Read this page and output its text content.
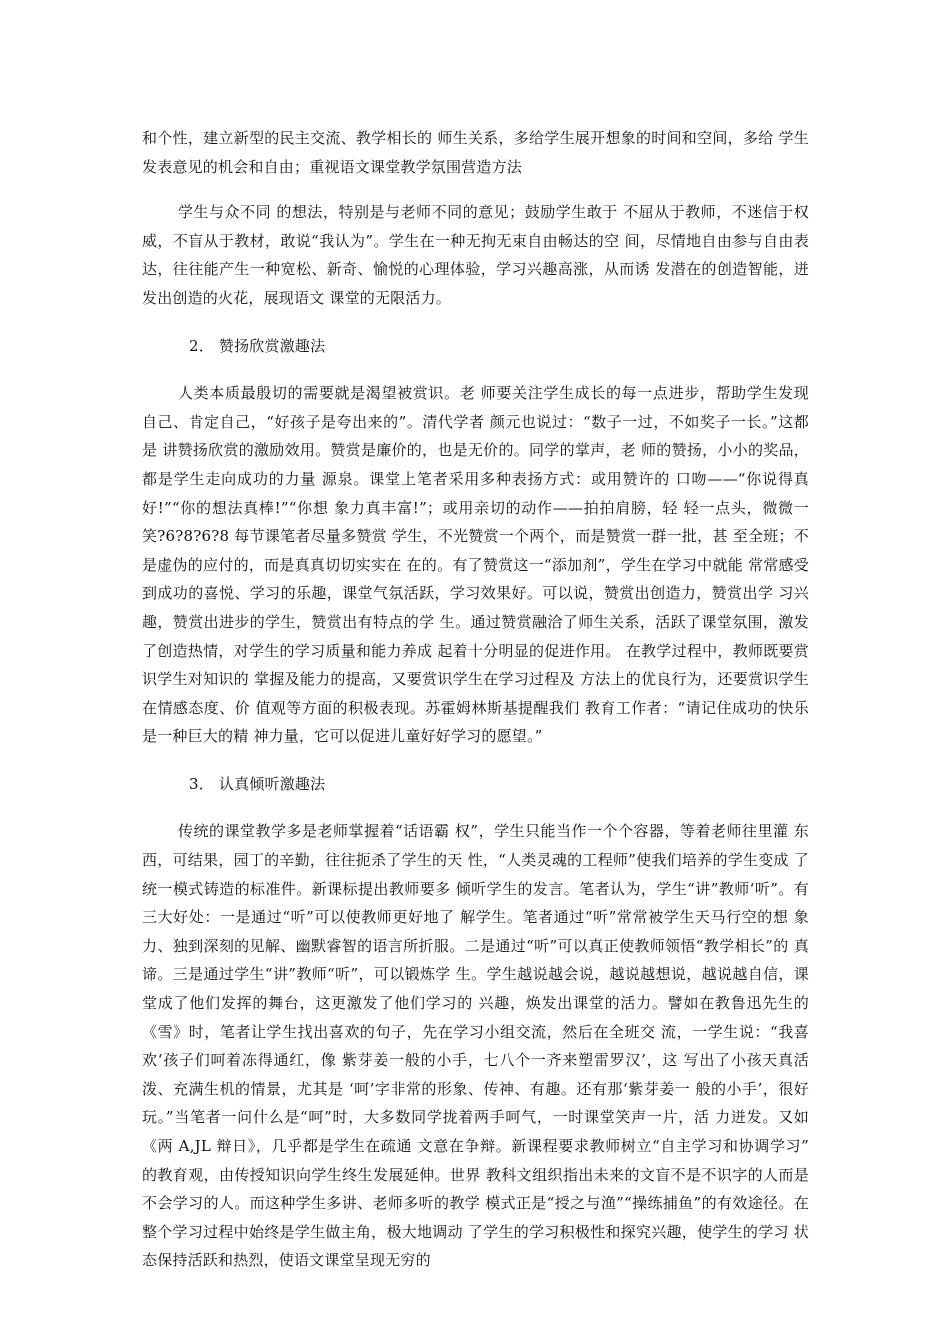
和个性，建立新型的民主交流、教学相长的 师生关系，多给学生展开想象的时间和空间，多给 学生发表意见的机会和自由；重视语文课堂教学氛围营造方法

学生与众不同 的想法，特别是与老师不同的意见；鼓励学生敢于 不屈从于教师，不迷信于权威，不盲从于教材，敢说“我认为”。学生在一种无拘无束自由畅达的空 间，尽情地自由参与自由表达，往往能产生一种宽松、新奇、愉悦的心理体验，学习兴趣高涨，从而诱 发潜在的创造智能，迸发出创造的火花，展现语文 课堂的无限活力。

2． 赞扬欣赏激趣法

人类本质最殷切的需要就是渴望被赏识。老 师要关注学生成长的每一点进步，帮助学生发现 自己、肯定自己，“好孩子是夸出来的”。清代学者 颜元也说过：“数子一过，不如奖子一长。”这都是 讲赞扬欣赏的激励效用。赞赏是廉价的，也是无价的。同学的掌声，老 师的赞扬，小小的奖品，都是学生走向成功的力量 源泉。课堂上笔者采用多种表扬方式：或用赞许的 口吻——“你说得真好!”“你的想法真棒!”“你想 象力真丰富!”；或用亲切的动作——拍拍肩膀，轻 轻一点头，微微一笑?6?8?6?8 每节课笔者尽量多赞赏 学生，不光赞赏一个两个，而是赞赏一群一批，甚 至全班；不是虚伪的应付的，而是真真切切实实在 在的。有了赞赏这一“添加剂”，学生在学习中就能 常常感受到成功的喜悦、学习的乐趣，课堂气氛活跃，学习效果好。可以说，赞赏出创造力，赞赏出学 习兴趣，赞赏出进步的学生，赞赏出有特点的学 生。通过赞赏融洽了师生关系，活跃了课堂氛围，激发了创造热情，对学生的学习质量和能力养成 起着十分明显的促进作用。 在教学过程中，教师既要赏识学生对知识的 掌握及能力的提高，又要赏识学生在学习过程及 方法上的优良行为，还要赏识学生在情感态度、价 值观等方面的积极表现。苏霍姆林斯基提醒我们 教育工作者：“请记住成功的快乐是一种巨大的精 神力量，它可以促进儿童好好学习的愿望。”

3． 认真倾听激趣法

传统的课堂教学多是老师掌握着“话语霸 权”，学生只能当作一个个容器，等着老师往里灌 东西，可结果，园丁的辛勤，往往扼杀了学生的天 性，“人类灵魂的工程师”使我们培养的学生变成 了统一模式铸造的标准件。新课标提出教师要多 倾听学生的发言。笔者认为，学生“讲”教师‘听”。有三大好处：一是通过“听”可以使教师更好地了 解学生。笔者通过“听”常常被学生天马行空的想 象力、独到深刻的见解、幽默睿智的语言所折服。二是通过“听”可以真正使教师领悟“教学相长”的 真谛。三是通过学生“讲”教师“听”，可以锻炼学 生。学生越说越会说，越说越想说，越说越自信，课 堂成了他们发挥的舞台，这更激发了他们学习的 兴趣，焕发出课堂的活力。譬如在教鲁迅先生的《雪》时，笔者让学生找出喜欢的句子，先在学习小组交流，然后在全班交 流，一学生说：“我喜欢‘孩子们呵着冻得通红，像 紫芽姜一般的小手，七八个一齐来塑雷罗汉’，这 写出了小孩天真活泼、充满生机的情景，尤其是 ‘呵’字非常的形象、传神、有趣。还有那‘紫芽姜一 般的小手’，很好玩。”当笔者一问什么是“呵”时，大多数同学拢着两手呵气，一时课堂笑声一片，活 力迸发。又如《两 A,JL 辩日》，几乎都是学生在疏通 文意在争辩。新课程要求教师树立“自主学习和协调学习” 的教育观，由传授知识向学生终生发展延伸。世界 教科文组织指出未来的文盲不是不识字的人而是 不会学习的人。而这种学生多讲、老师多听的教学 模式正是“授之与渔”“操练捕鱼”的有效途径。在 整个学习过程中始终是学生做主角，极大地调动 了学生的学习积极性和探究兴趣，使学生的学习 状态保持活跃和热烈，使语文课堂呈现无穷的
